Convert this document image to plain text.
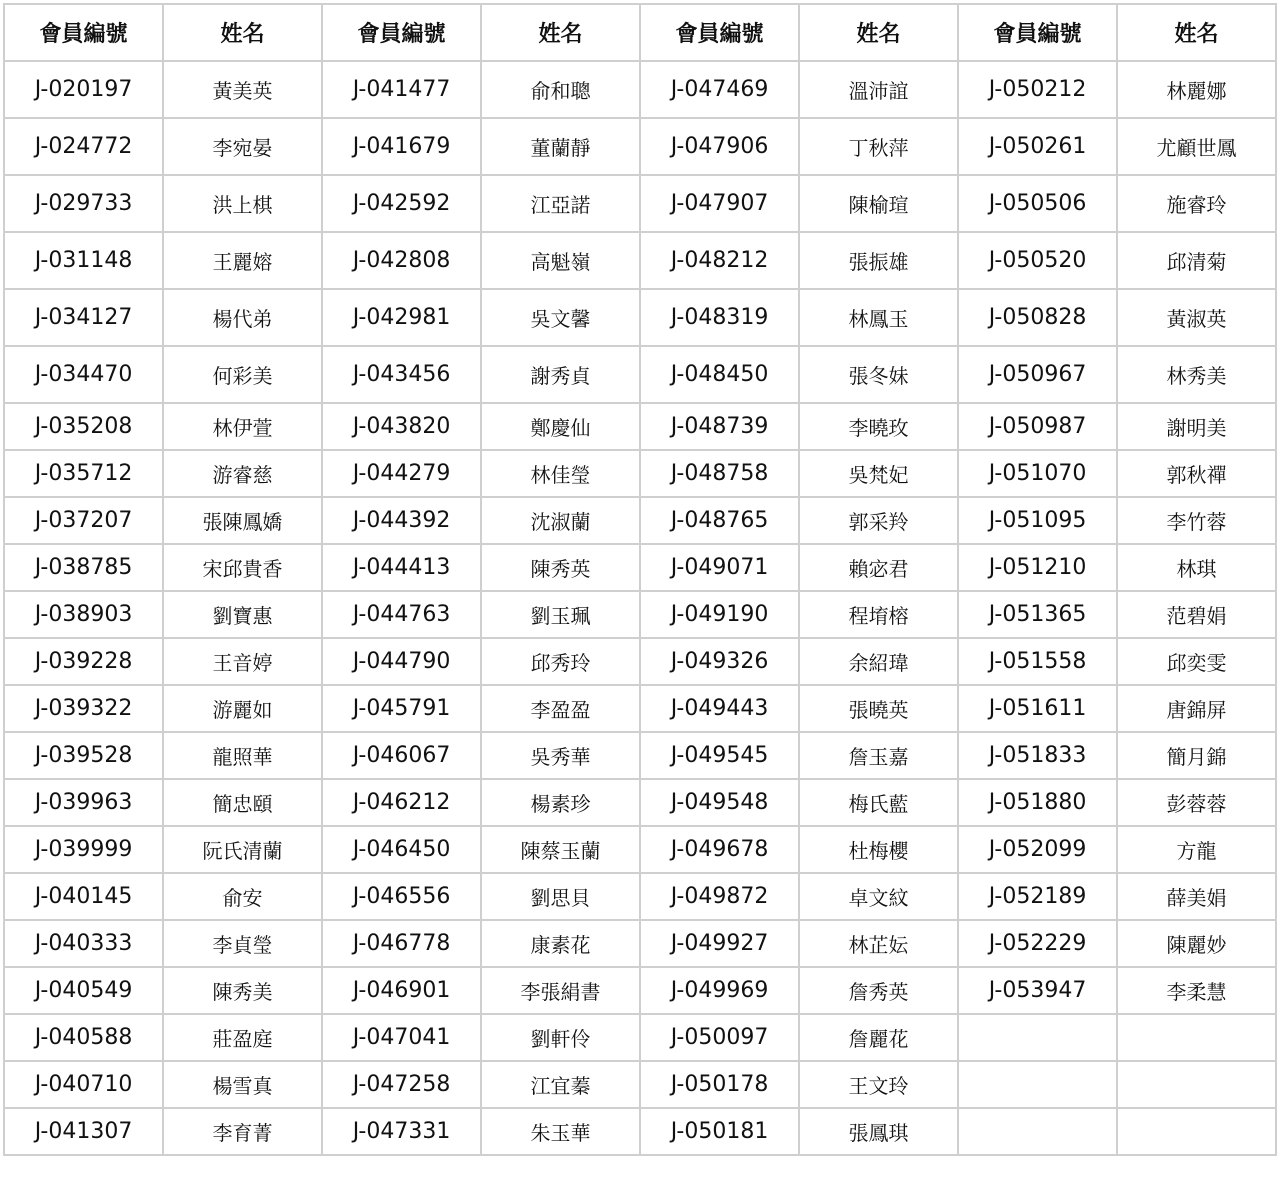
會員編號	姓名	會員編號	姓名	會員編號	姓名	會員編號	姓名
J-020197	黃美英	J-041477	俞和聰	J-047469	溫沛誼	J-050212	林麗娜
J-024772	李宛晏	J-041679	董蘭靜	J-047906	丁秋萍	J-050261	尤顧世鳳
J-029733	洪上棋	J-042592	江亞諾	J-047907	陳榆瑄	J-050506	施睿玲
J-031148	王麗嫆	J-042808	高魁嶺	J-048212	張振雄	J-050520	邱清菊
J-034127	楊代弟	J-042981	吳文馨	J-048319	林鳳玉	J-050828	黃淑英
J-034470	何彩美	J-043456	謝秀貞	J-048450	張冬妹	J-050967	林秀美
J-035208	林伊萱	J-043820	鄭慶仙	J-048739	李曉玫	J-050987	謝明美
J-035712	游睿慈	J-044279	林佳瑩	J-048758	吳梵妃	J-051070	郭秋禪
J-037207	張陳鳳嬌	J-044392	沈淑蘭	J-048765	郭采羚	J-051095	李竹蓉
J-038785	宋邱貴香	J-044413	陳秀英	J-049071	賴宓君	J-051210	林琪
J-038903	劉寶惠	J-044763	劉玉珮	J-049190	程堉榕	J-051365	范碧娟
J-039228	王音婷	J-044790	邱秀玲	J-049326	余紹瑋	J-051558	邱奕雯
J-039322	游麗如	J-045791	李盈盈	J-049443	張曉英	J-051611	唐錦屏
J-039528	龍照華	J-046067	吳秀華	J-049545	詹玉嘉	J-051833	簡月錦
J-039963	簡忠頤	J-046212	楊素珍	J-049548	梅氏藍	J-051880	彭蓉蓉
J-039999	阮氏清蘭	J-046450	陳蔡玉蘭	J-049678	杜梅櫻	J-052099	方龍
J-040145	俞安	J-046556	劉思貝	J-049872	卓文紋	J-052189	薛美娟
J-040333	李貞瑩	J-046778	康素花	J-049927	林芷妘	J-052229	陳麗妙
J-040549	陳秀美	J-046901	李張絹書	J-049969	詹秀英	J-053947	李柔慧
J-040588	莊盈庭	J-047041	劉軒伶	J-050097	詹麗花		
J-040710	楊雪真	J-047258	江宜蓁	J-050178	王文玲		
J-041307	李育菁	J-047331	朱玉華	J-050181	張鳳琪		
